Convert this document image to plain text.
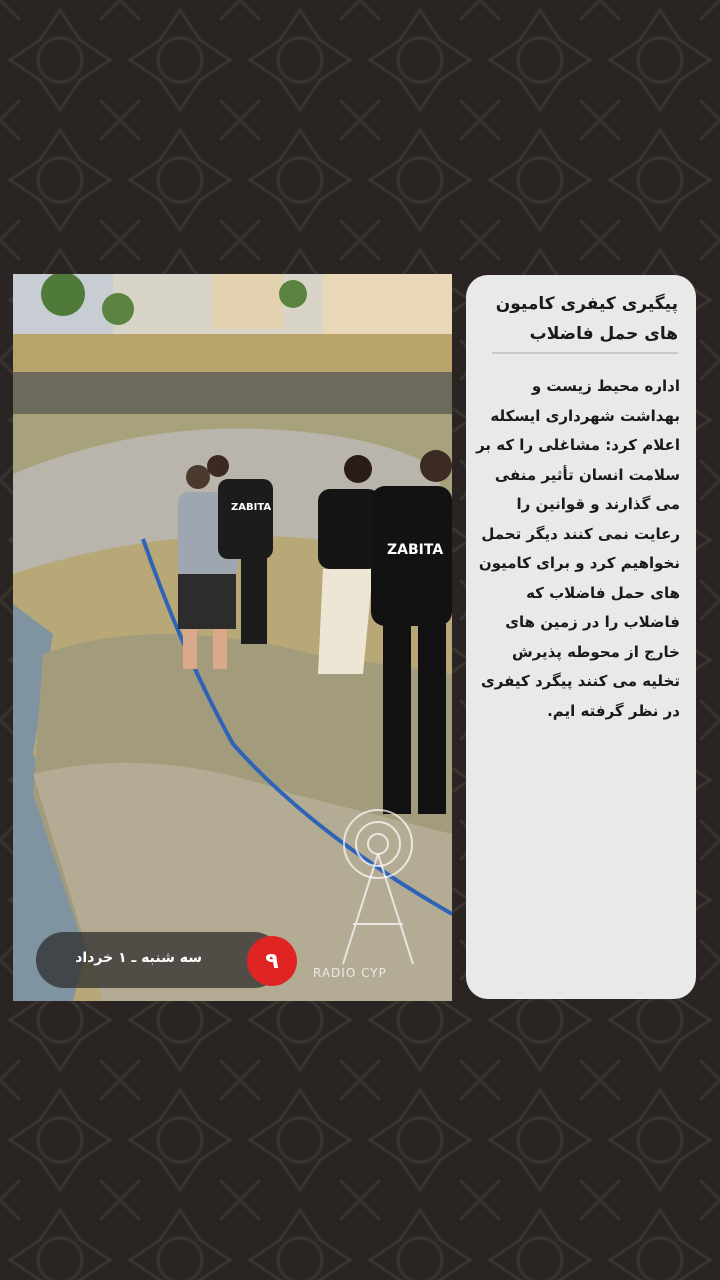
ZABITA
ZABITA
سه شنبه ـ ۱ خرداد	٩	RADIO CYP
پیگیری کیفری کامیون های حمل فاضلاب
اداره محیط زیست و بهداشت شهرداری ایسکله اعلام کرد: مشاغلی را که بر سلامت انسان تأثیر منفی می گذارند و قوانین را رعایت نمی کنند دیگر تحمل نخواهیم کرد و برای کامیون های حمل فاضلاب که فاضلاب را در زمین های خارج از محوطه پذیرش تخلیه می کنند پیگرد کیفری در نظر گرفته ایم.
